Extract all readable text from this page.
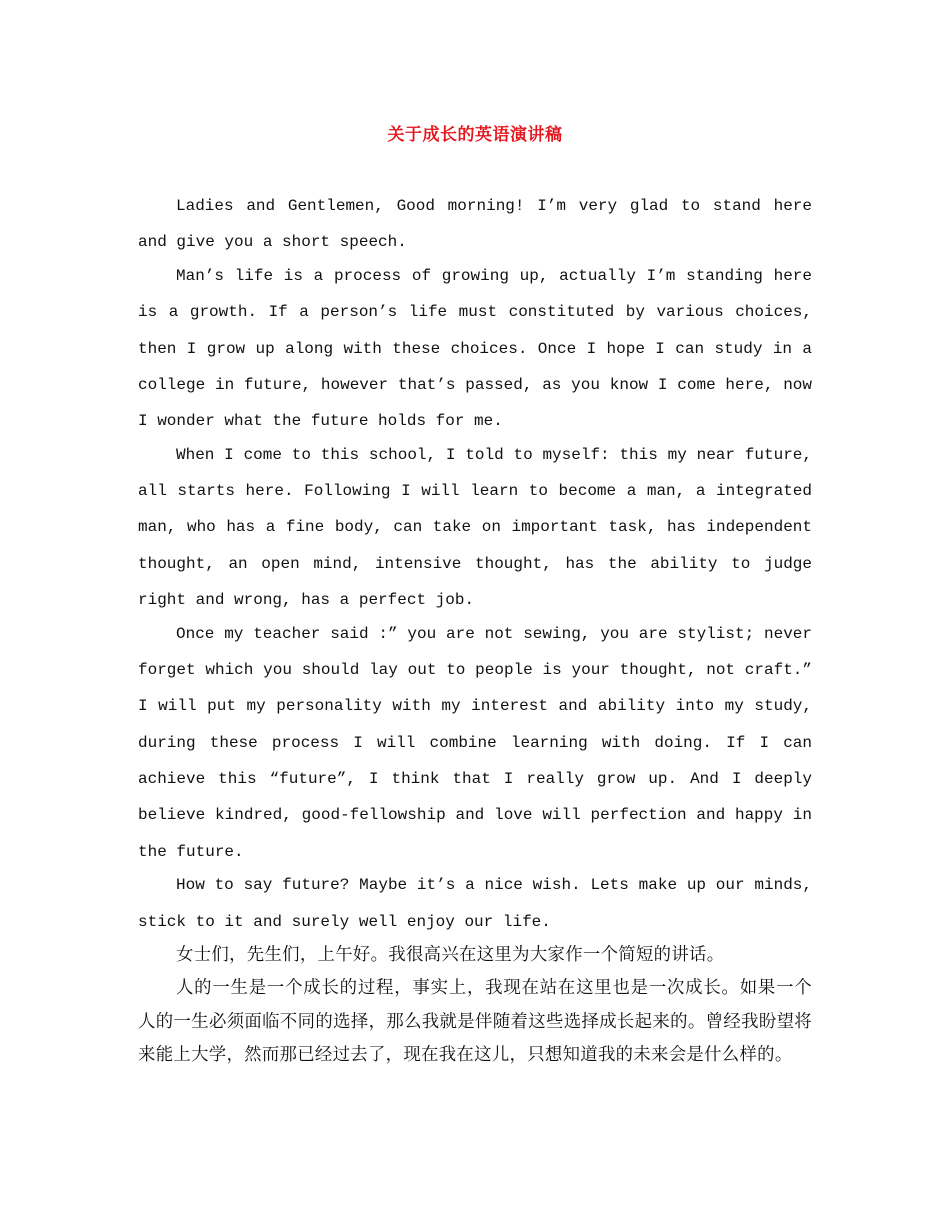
关于成长的英语演讲稿

Ladies and Gentlemen, Good morning! I’m very glad to stand here and give you a short speech.

Man’s life is a process of growing up, actually I’m standing here is a growth. If a person’s life must constituted by various choices, then I grow up along with these choices. Once I hope I can study in a college in future, however that’s passed, as you know I come here, now I wonder what the future holds for me.

When I come to this school, I told to myself: this my near future, all starts here. Following I will learn to become a man, a integrated man, who has a fine body, can take on important task, has independent thought, an open mind, intensive thought, has the ability to judge right and wrong, has a perfect job.

Once my teacher said :” you are not sewing, you are stylist; never forget which you should lay out to people is your thought, not craft.” I will put my personality with my interest and ability into my study, during these process I will combine learning with doing. If I can achieve this “future”, I think that I really grow up. And I deeply believe kindred, good-fellowship and love will perfection and happy in the future.

How to say future? Maybe it’s a nice wish. Lets make up our minds, stick to it and surely well enjoy our life.

女士们，先生们，上午好。我很高兴在这里为大家作一个简短的讲话。

人的一生是一个成长的过程，事实上，我现在站在这里也是一次成长。如果一个人的一生必须面临不同的选择，那么我就是伴随着这些选择成长起来的。曾经我盼望将来能上大学，然而那已经过去了，现在我在这儿，只想知道我的未来会是什么样的。
